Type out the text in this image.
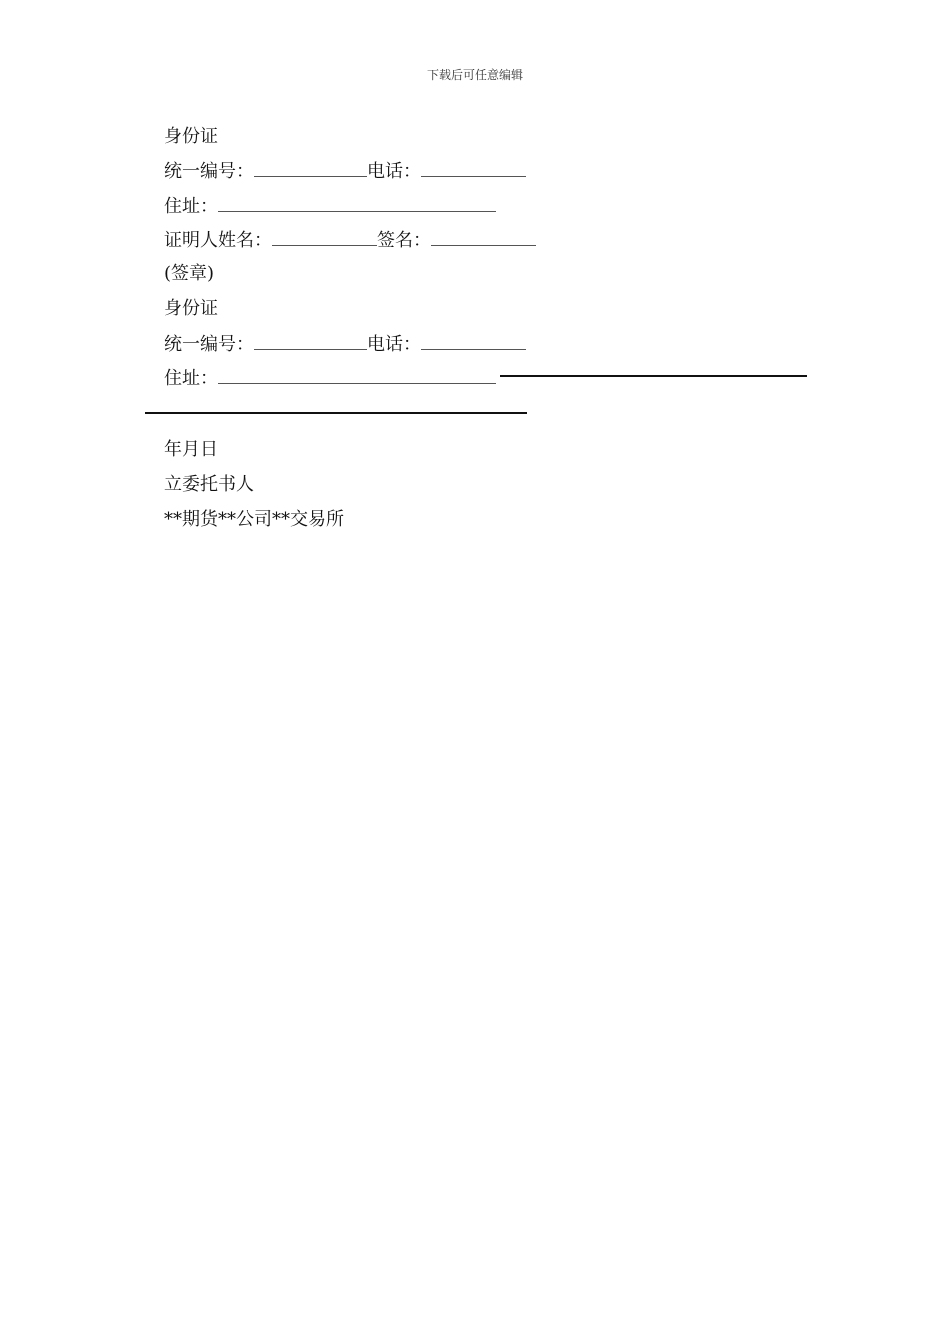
下载后可任意编辑
身份证
统一编号：	电话：
住址：
证明人姓名：	签名：
(签章)
身份证
统一编号：	电话：
住址：
年月日
立委托书人
**期货**公司**交易所
